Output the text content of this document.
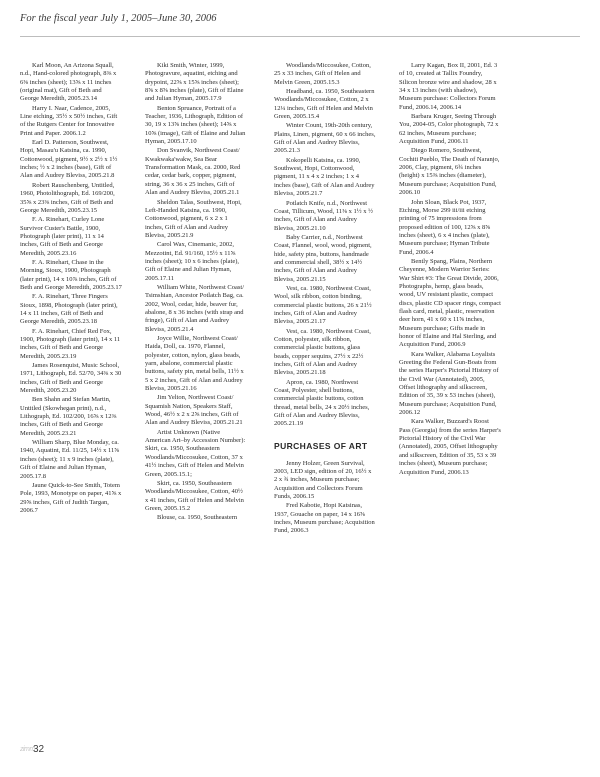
For the fiscal year July 1, 2005–June 30, 2006

Karl Moon, An Arizona Squall, n.d., Hand-colored photograph, 8⅜ x 6⅜ inches (sheet); 13⅝ x 11 inches (original mat), Gift of Beth and George Meredith, 2005.23.14

Harry I. Naar, Cadence, 2005, Line etching, 35½ x 50½ inches, Gift of the Rutgers Center for Innovative Print and Paper. 2006.1.2

Earl D. Patterson, Southwest, Hopi, Masau'u Katsina, ca. 1990, Cottonwood, pigment, 9½ x 2½ x 1½ inches; ½ x 2 inches (base), Gift of Alan and Audrey Bleviss, 2005.21.8

Robert Rauschenberg, Untitled, 1960, Photolithograph, Ed. 169/200, 35⅝ x 23⅜ inches, Gift of Beth and George Meredith, 2005.23.15

F. A. Rinehart, Curley Lone Survivor Custer's Battle, 1900, Photograph (later print), 11 x 14 inches, Gift of Beth and George Meredith, 2005.23.16

F. A. Rinehart, Chase in the Morning, Sioux, 1900, Photograph (later print), 14 x 10⅞ inches, Gift of Beth and George Meredith, 2005.23.17

F. A. Rinehart, Three Fingers Sioux, 1898, Photograph (later print), 14 x 11 inches, Gift of Beth and George Meredith, 2005.23.18

F. A. Rinehart, Chief Red Fox, 1900, Photograph (later print), 14 x 11 inches, Gift of Beth and George Meredith, 2005.23.19

James Rosenquist, Music School, 1971, Lithograph, Ed. 52/70, 34⅜ x 30 inches, Gift of Beth and George Meredith, 2005.23.20

Ben Shahn and Stefan Martin, Untitled (Skowhegan print), n.d., Lithograph, Ed. 102/200, 16⅝ x 12⅜ inches, Gift of Beth and George Meredith, 2005.23.21

William Sharp, Blue Monday, ca. 1940, Aquatint, Ed. 11/25, 14½ x 11⅝ inches (sheet); 11 x 9 inches (plate), Gift of Elaine and Julian Hyman, 2005.17.8

Jaune Quick-to-See Smith, Totem Pole, 1993, Monotype on paper, 41⅝ x 29⅝ inches, Gift of Judith Targan, 2006.7

Kiki Smith, Winter, 1999, Photogravure, aquatint, etching and drypoint, 22⅝ x 15⅝ inches (sheet); 8⅝ x 8⅝ inches (plate), Gift of Elaine and Julian Hyman, 2005.17.9

Benton Spruance, Portrait of a Teacher, 1936, Lithograph, Edition of 30, 19 x 13⅝ inches (sheet); 14⅝ x 10⅝ (image), Gift of Elaine and Julian Hyman, 2005.17.10

Don Svanvik, Northwest Coast/ Kwakwaka'wakw, Sea Bear Transformation Mask, ca. 2000, Red cedar, cedar bark, copper, pigment, string, 36 x 36 x 25 inches, Gift of Alan and Audrey Bleviss, 2005.21.1

Sheldon Talas, Southwest, Hopi, Left-Handed Katsina, ca. 1990, Cottonwood, pigment, 6 x 2 x 1 inches, Gift of Alan and Audrey Bleviss, 2005.21.9

Carol Wax, Cinemanic, 2002, Mezzotint, Ed. 91/160, 15½ x 11⅝ inches (sheet); 10 x 6 inches (plate), Gift of Elaine and Julian Hyman, 2005.17.11

William White, Northwest Coast/ Tsimshian, Ancestor Potlatch Bag, ca. 2002, Wool, cedar, hide, beaver fur, abalone, 8 x 36 inches (with strap and fringe), Gift of Alan and Audrey Bleviss, 2005.21.4

Joyce Willie, Northwest Coast/ Haida, Doll, ca. 1970, Flannel, polyester, cotton, nylon, glass beads, yarn, abalone, commercial plastic buttons, safety pin, metal bells, 11½ x 5 x 2 inches, Gift of Alan and Audrey Bleviss, 2005.21.16

Jim Yelton, Northwest Coast/ Squamish Nation, Speakers Staff, Wood, 46½ x 2 x 2⅝ inches, Gift of Alan and Audrey Bleviss, 2005.21.21

Artist Unknown (Native American Art–by Accession Number): Skirt, ca. 1950, Southeastern Woodlands/Miccosukee, Cotton, 37 x 41½ inches, Gift of Helen and Melvin Green, 2005.15.1;

Skirt, ca. 1950, Southeastern Woodlands/Miccosukee, Cotton, 40½ x 41 inches, Gift of Helen and Melvin Green, 2005.15.2

Blouse, ca. 1950, Southeastern

Woodlands/Miccosukee, Cotton, 25 x 33 inches, Gift of Helen and Melvin Green, 2005.15.3

Headband, ca. 1950, Southeastern Woodlands/Miccosukee, Cotton, 2 x 12¼ inches, Gift of Helen and Melvin Green, 2005.15.4

Winter Count, 19th-20th century, Plains, Linen, pigment, 60 x 66 inches, Gift of Alan and Audrey Bleviss, 2005.21.3

Kokopelli Katsina, ca. 1990, Southwest, Hopi, Cottonwood, pigment, 11 x 4 x 2 inches; 1 x 4 inches (base), Gift of Alan and Audrey Bleviss, 2005.21.7

Potlatch Knife, n.d., Northwest Coast, Tillicum, Wood, 11⅜ x 1½ x ½ inches, Gift of Alan and Audrey Bleviss, 2005.21.10

Baby Carrier, n.d., Northwest Coast, Flannel, wool, wood, pigment, hide, safety pins, buttons, handmade and commercial shell, 38½ x 14½ inches, Gift of Alan and Audrey Bleviss, 2005.21.15

Vest, ca. 1980, Northwest Coast, Wool, silk ribbon, cotton binding, commercial plastic buttons, 26 x 21½ inches, Gift of Alan and Audrey Bleviss, 2005.21.17

Vest, ca. 1980, Northwest Coast, Cotton, polyester, silk ribbon, commercial plastic buttons, glass beads, copper sequins, 27½ x 22½ inches, Gift of Alan and Audrey Bleviss, 2005.21.18

Apron, ca. 1980, Northwest Coast, Polyester, shell buttons, commercial plastic buttons, cotton thread, metal bells, 24 x 20½ inches, Gift of Alan and Audrey Bleviss, 2005.21.19

PURCHASES OF ART

Jenny Holzer, Green Survival, 2003, LED sign, edition of 20, 16½ x 2 x ¾ inches, Museum purchase; Acquisition and Collectors Forum Funds, 2006.15

Fred Kabotie, Hopi Katsinas, 1937, Gouache on paper, 14 x 16⅝ inches, Museum purchase; Acquisition Fund, 2006.3

Larry Kagan, Box II, 2001, Ed. 3 of 10, created at Tallix Foundry, Silicon bronze wire and shadow, 28 x 34 x 13 inches (with shadow), Museum purchase: Collectors Forum Fund, 2006.14, 2006.14

Barbara Kruger, Seeing Through You, 2004-05, Color photograph, 72 x 62 inches, Museum purchase; Acquisition Fund, 2006.11

Diego Romero, Southwest, Cochiti Pueblo, The Death of Naranjo, 2006, Clay, pigment, 6¾ inches (height) x 15⅜ inches (diameter), Museum purchase; Acquisition Fund, 2006.10

John Sloan, Black Pot, 1937, Etching, Morse 299 iii/iii etching printing of 75 impressions from proposed edition of 100, 12⅝ x 8⅝ inches (sheet), 6 x 4 inches (plate), Museum purchase; Hyman Tribute Fund, 2006.4

Bently Spang, Plains, Northern Cheyenne, Modern Warrior Series: War Shirt #3: The Great Divide, 2006, Photographs, hemp, glass beads, wood, UV resistant plastic, compact discs, plastic CD spacer rings, compact flash card, metal, plastic, reservation deer horn, 41 x 60 x 11⅝ inches, Museum purchase; Gifts made in honor of Elaine and Hal Sterling, and Acquisition Fund, 2006.9

Kara Walker, Alabama Loyalists Greeting the Federal Gun-Boats from the series Harper's Pictorial History of the Civil War (Annotated), 2005, Offset lithography and silkscreen, Edition of 35, 39 x 53 inches (sheet), Museum purchase; Acquisition Fund, 2006.12

Kara Walker, Buzzard's Roost Pass (Georgia) from the series Harper's Pictorial History of the Civil War (Annotated), 2005, Offset lithography and silkscreen, Edition of 35, 53 x 39 inches (sheet), Museum purchase; Acquisition Fund, 2006.13

zimm
32
